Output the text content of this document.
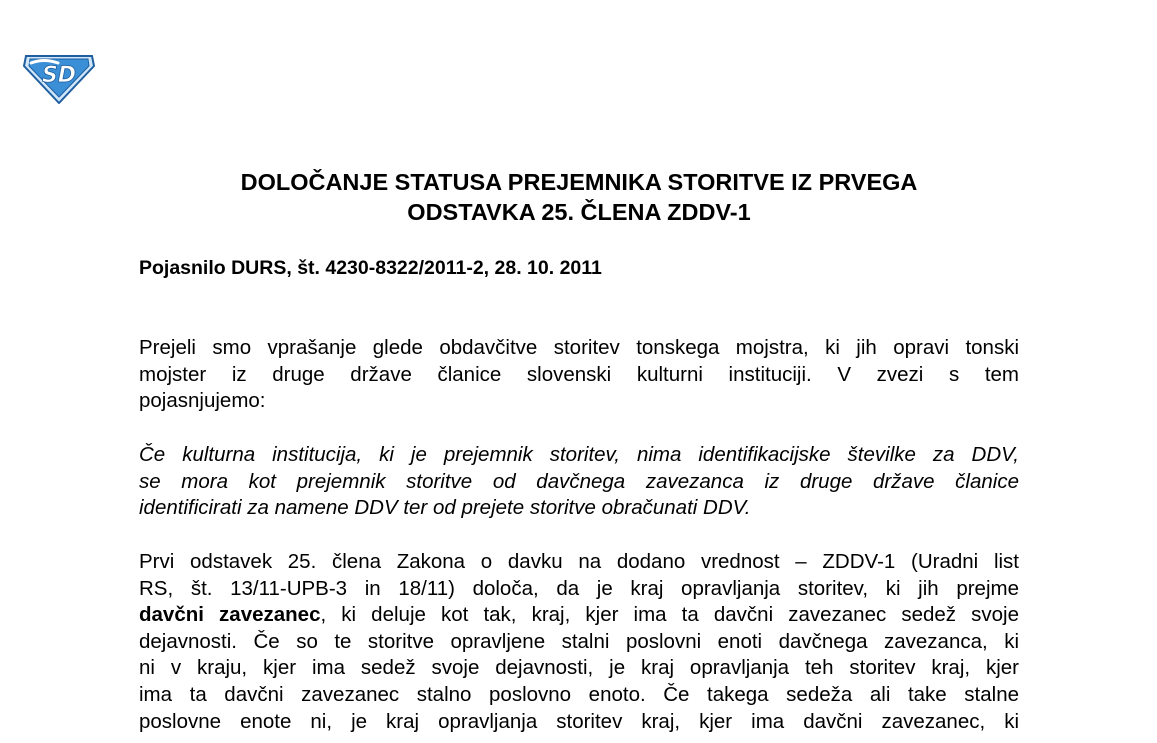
SD
DOLOČANJE STATUSA PREJEMNIKA STORITVE IZ PRVEGA
ODSTAVKA 25. ČLENA ZDDV-1

Pojasnilo DURS, št. 4230-8322/2011-2, 28. 10. 2011

Prejeli smo vprašanje glede obdavčitve storitev tonskega mojstra, ki jih opravi tonski
mojster iz druge države članice slovenski kulturni instituciji. V zvezi s tem
pojasnjujemo:
Če kulturna institucija, ki je prejemnik storitev, nima identifikacijske številke za DDV,
se mora kot prejemnik storitve od davčnega zavezanca iz druge države članice
identificirati za namene DDV ter od prejete storitve obračunati DDV.
Prvi odstavek 25. člena Zakona o davku na dodano vrednost – ZDDV-1 (Uradni list
RS, št. 13/11-UPB-3 in 18/11) določa, da je kraj opravljanja storitev, ki jih prejme
davčni zavezanec, ki deluje kot tak, kraj, kjer ima ta davčni zavezanec sedež svoje
dejavnosti. Če so te storitve opravljene stalni poslovni enoti davčnega zavezanca, ki
ni v kraju, kjer ima sedež svoje dejavnosti, je kraj opravljanja teh storitev kraj, kjer
ima ta davčni zavezanec stalno poslovno enoto. Če takega sedeža ali take stalne
poslovne enote ni, je kraj opravljanja storitev kraj, kjer ima davčni zavezanec, ki
